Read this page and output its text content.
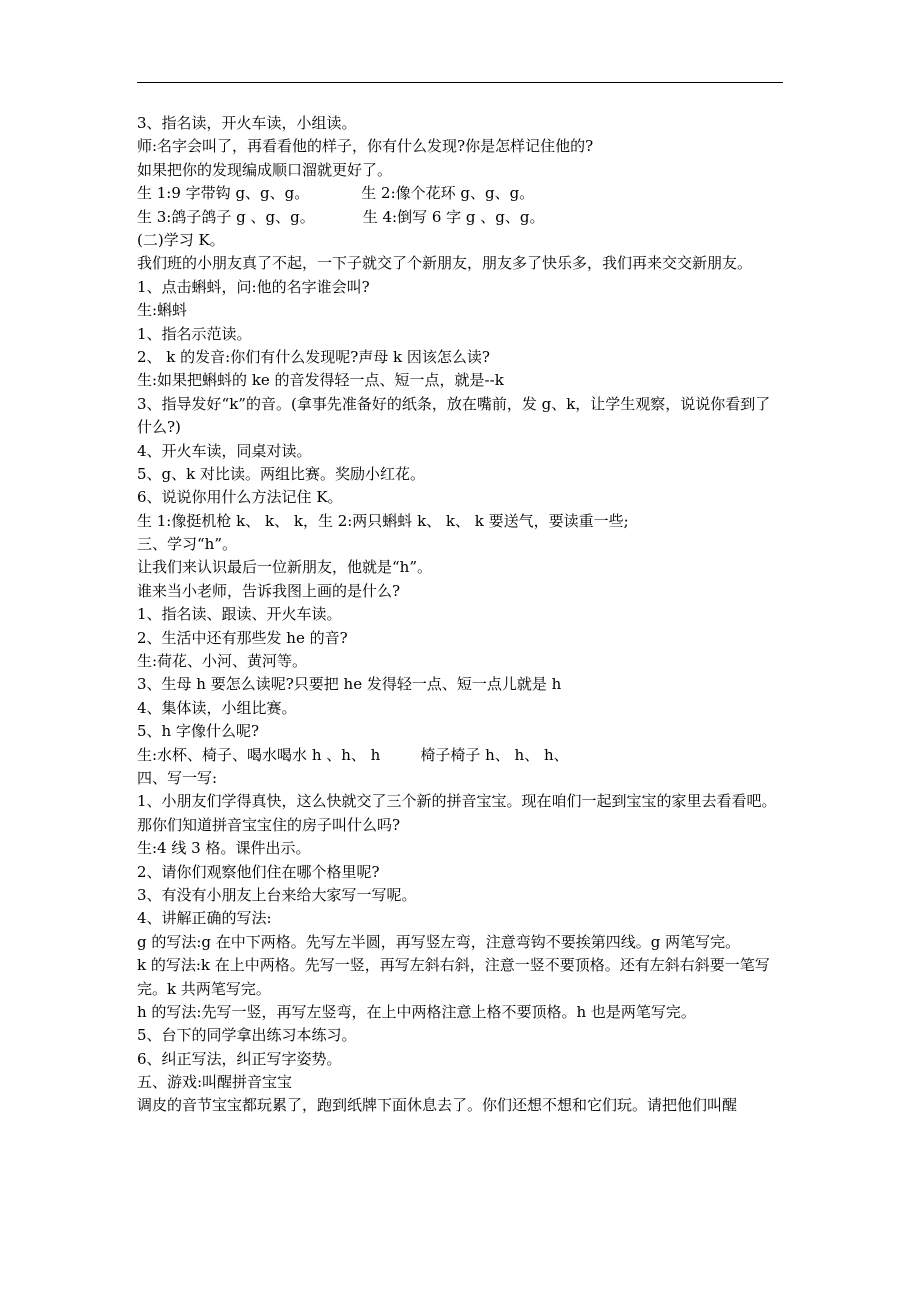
3、指名读，开火车读，小组读。
师:名字会叫了，再看看他的样子，你有什么发现?你是怎样记住他的?
如果把你的发现编成顺口溜就更好了。
生 1:9 字带钩 g、g、g。	生 2:像个花环 g、g、g。
生 3:鸽子鸽子 g 、g、g。	生 4:倒写 6 字 g 、g、g。
(二)学习 K。
我们班的小朋友真了不起，一下子就交了个新朋友，朋友多了快乐多，我们再来交交新朋友。
1、点击蝌蚪，问:他的名字谁会叫?
生:蝌蚪
1、指名示范读。
2、 k 的发音:你们有什么发现呢?声母 k 因该怎么读?
生:如果把蝌蚪的 ke 的音发得轻一点、短一点，就是--k
3、指导发好“k”的音。(拿事先准备好的纸条，放在嘴前，发 g、k，让学生观察，说说你看到了什么?)
4、开火车读，同桌对读。
5、g、k 对比读。两组比赛。奖励小红花。
6、说说你用什么方法记住 K。
生 1:像挺机枪 k、 k、 k，生 2:两只蝌蚪 k、 k、 k 要送气，要读重一些;
三、学习“h”。
让我们来认识最后一位新朋友，他就是“h”。
谁来当小老师，告诉我图上画的是什么?
1、指名读、跟读、开火车读。
2、生活中还有那些发 he 的音?
生:荷花、小河、黄河等。
3、生母 h 要怎么读呢?只要把 he 发得轻一点、短一点儿就是 h
4、集体读，小组比赛。
5、h 字像什么呢?
生:水杯、椅子、喝水喝水 h 、h、 h	椅子椅子 h、 h、 h、
四、写一写:
1、小朋友们学得真快，这么快就交了三个新的拼音宝宝。现在咱们一起到宝宝的家里去看看吧。
那你们知道拼音宝宝住的房子叫什么吗?
生:4 线 3 格。课件出示。
2、请你们观察他们住在哪个格里呢?
3、有没有小朋友上台来给大家写一写呢。
4、讲解正确的写法:
g 的写法:g 在中下两格。先写左半圆，再写竖左弯，注意弯钩不要挨第四线。g 两笔写完。
k 的写法:k 在上中两格。先写一竖，再写左斜右斜，注意一竖不要顶格。还有左斜右斜要一笔写完。k 共两笔写完。
h 的写法:先写一竖，再写左竖弯，在上中两格注意上格不要顶格。h 也是两笔写完。
5、台下的同学拿出练习本练习。
6、纠正写法，纠正写字姿势。
五、游戏:叫醒拼音宝宝
调皮的音节宝宝都玩累了，跑到纸牌下面休息去了。你们还想不想和它们玩。请把他们叫醒
